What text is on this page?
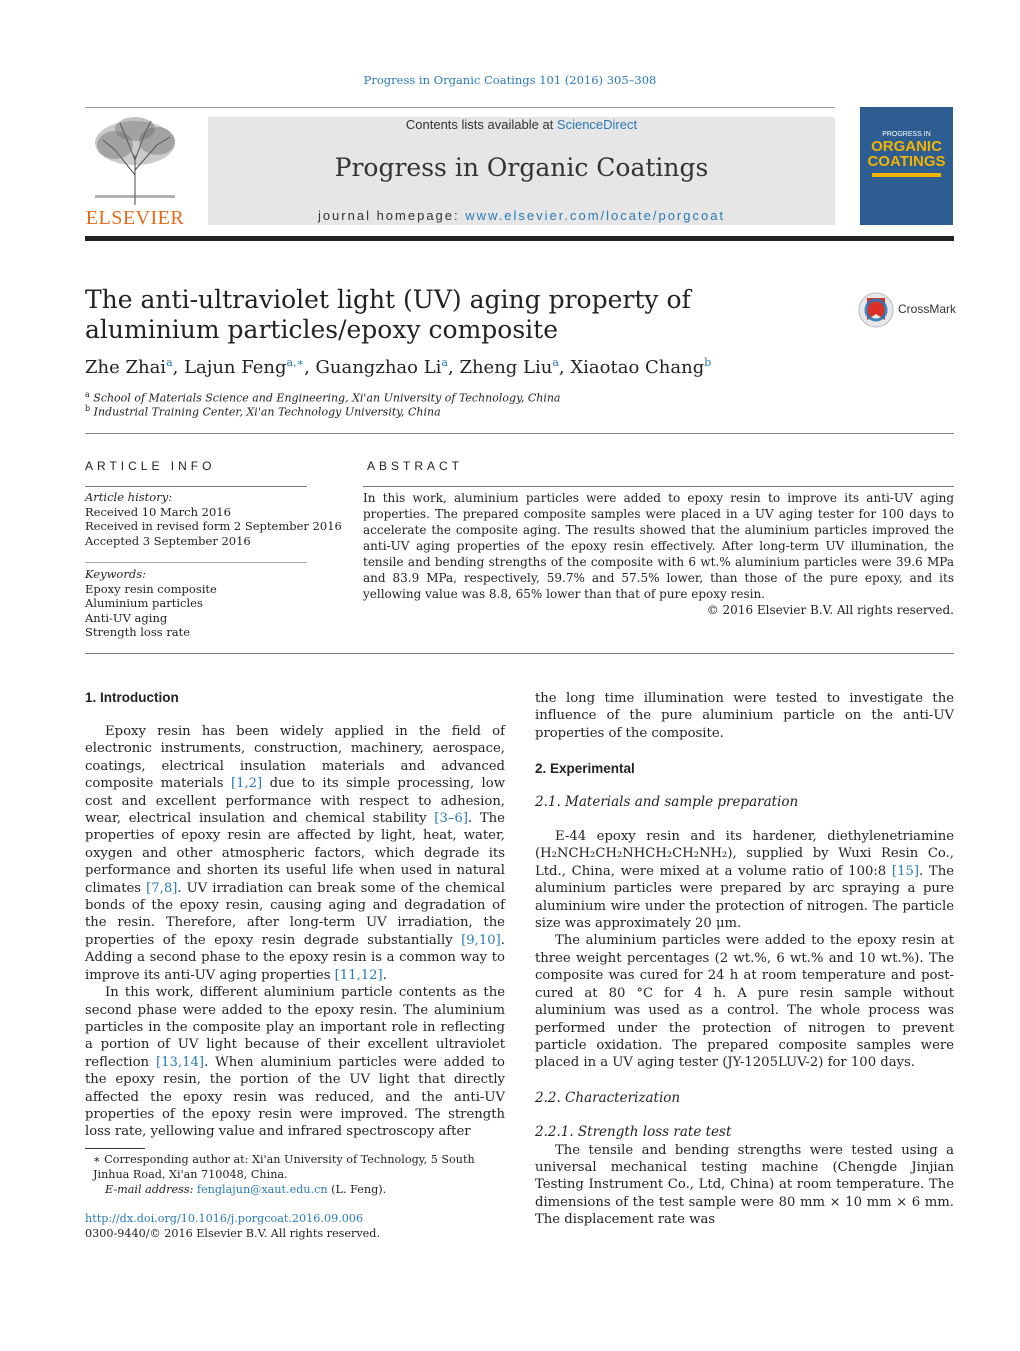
Progress in Organic Coatings 101 (2016) 305–308
ELSEVIER
Contents lists available at ScienceDirect
Progress in Organic Coatings
journal homepage: www.elsevier.com/locate/porgcoat
PROGRESS IN
ORGANIC
COATINGS
The anti-ultraviolet light (UV) aging property of aluminium particles/epoxy composite
CrossMark
Zhe Zhai$^a$, Lajun Feng$^{a,∗}$, Guangzhao Li$^a$, Zheng Liu$^a$, Xiaotao Chang$^b$
$^a$ School of Materials Science and Engineering, Xi'an University of Technology, China
$^b$ Industrial Training Center, Xi'an Technology University, China
ARTICLE INFO
Article history:
Received 10 March 2016
Received in revised form 2 September 2016
Accepted 3 September 2016
Keywords:
Epoxy resin composite
Aluminium particles
Anti-UV aging
Strength loss rate
ABSTRACT
In this work, aluminium particles were added to epoxy resin to improve its anti-UV aging properties. The prepared composite samples were placed in a UV aging tester for 100 days to accelerate the composite aging. The results showed that the aluminium particles improved the anti-UV aging properties of the epoxy resin effectively. After long-term UV illumination, the tensile and bending strengths of the composite with 6 wt.% aluminium particles were 39.6 MPa and 83.9 MPa, respectively, 59.7% and 57.5% lower, than those of the pure epoxy, and its yellowing value was 8.8, 65% lower than that of pure epoxy resin.
© 2016 Elsevier B.V. All rights reserved.
1. Introduction

Epoxy resin has been widely applied in the field of electronic instruments, construction, machinery, aerospace, coatings, electrical insulation materials and advanced composite materials [1,2] due to its simple processing, low cost and excellent performance with respect to adhesion, wear, electrical insulation and chemical stability [3–6]. The properties of epoxy resin are affected by light, heat, water, oxygen and other atmospheric factors, which degrade its performance and shorten its useful life when used in natural climates [7,8]. UV irradiation can break some of the chemical bonds of the epoxy resin, causing aging and degradation of the resin. Therefore, after long-term UV irradiation, the properties of the epoxy resin degrade substantially [9,10]. Adding a second phase to the epoxy resin is a common way to improve its anti-UV aging properties [11,12].

In this work, different aluminium particle contents as the second phase were added to the epoxy resin. The aluminium particles in the composite play an important role in reflecting a portion of UV light because of their excellent ultraviolet reflection [13,14]. When aluminium particles were added to the epoxy resin, the portion of the UV light that directly affected the epoxy resin was reduced, and the anti-UV properties of the epoxy resin were improved. The strength loss rate, yellowing value and infrared spectroscopy after

∗ Corresponding author at: Xi'an University of Technology, 5 South Jinhua Road, Xi'an 710048, China.
E-mail address: fenglajun@xaut.edu.cn (L. Feng).
http://dx.doi.org/10.1016/j.porgcoat.2016.09.006
0300-9440/© 2016 Elsevier B.V. All rights reserved.
the long time illumination were tested to investigate the influence of the pure aluminium particle on the anti-UV properties of the composite.
2. Experimental
2.1. Materials and sample preparation

E-44 epoxy resin and its hardener, diethylenetriamine (H₂NCH₂CH₂NHCH₂CH₂NH₂), supplied by Wuxi Resin Co., Ltd., China, were mixed at a volume ratio of 100:8 [15]. The aluminium particles were prepared by arc spraying a pure aluminium wire under the protection of nitrogen. The particle size was approximately 20 μm.

The aluminium particles were added to the epoxy resin at three weight percentages (2 wt.%, 6 wt.% and 10 wt.%). The composite was cured for 24 h at room temperature and post-cured at 80 °C for 4 h. A pure resin sample without aluminium was used as a control. The whole process was performed under the protection of nitrogen to prevent particle oxidation. The prepared composite samples were placed in a UV aging tester (JY-1205LUV-2) for 100 days.

2.2. Characterization
2.2.1. Strength loss rate test

The tensile and bending strengths were tested using a universal mechanical testing machine (Chengde Jinjian Testing Instrument Co., Ltd, China) at room temperature. The dimensions of the test sample were 80 mm × 10 mm × 6 mm. The displacement rate was
